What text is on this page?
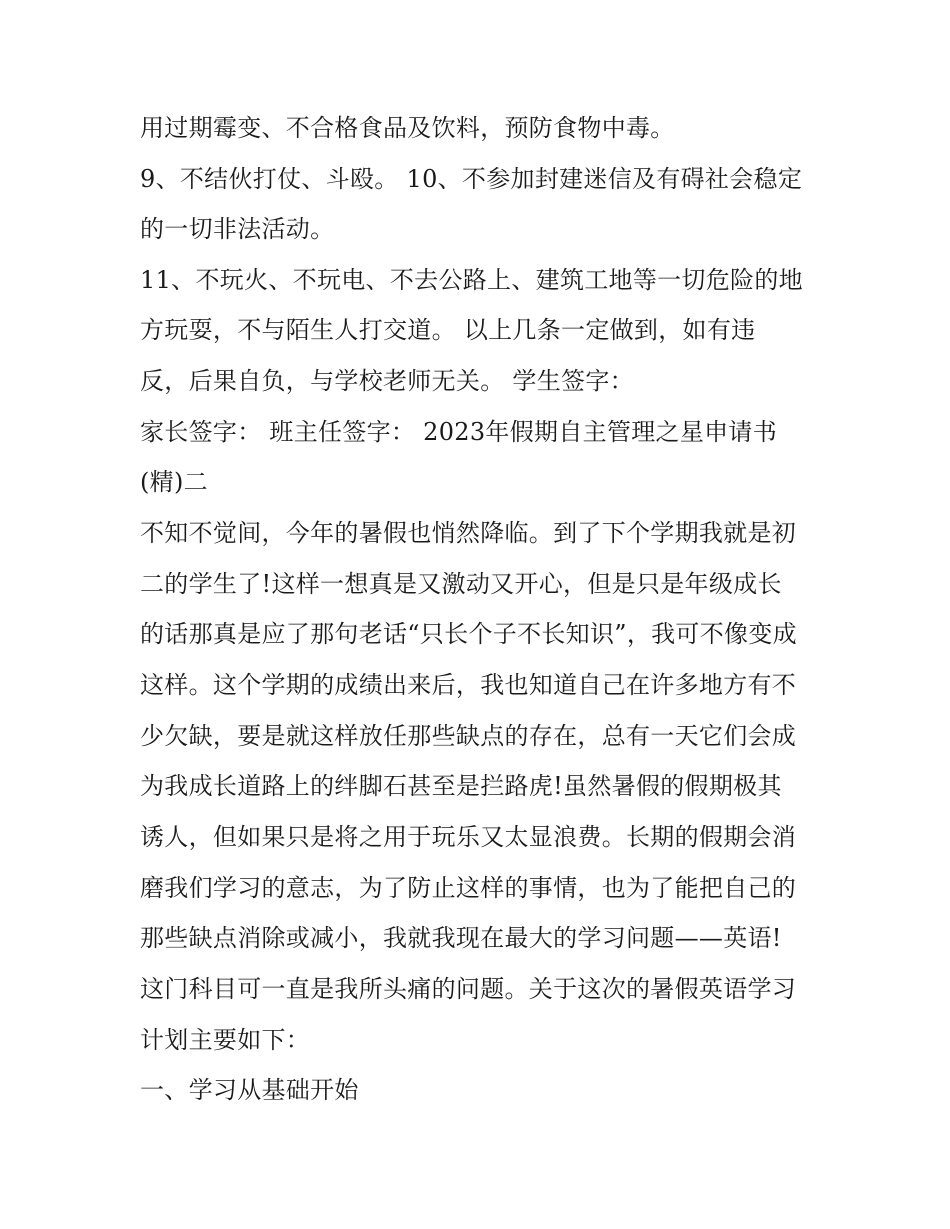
用过期霉变、不合格食品及饮料，预防食物中毒。
9、不结伙打仗、斗殴。 10、不参加封建迷信及有碍社会稳定
的一切非法活动。
11、不玩火、不玩电、不去公路上、建筑工地等一切危险的地
方玩耍，不与陌生人打交道。 以上几条一定做到，如有违
反，后果自负，与学校老师无关。 学生签字：
家长签字： 班主任签字： 2023年假期自主管理之星申请书
(精)二
不知不觉间，今年的暑假也悄然降临。到了下个学期我就是初
二的学生了!这样一想真是又激动又开心，但是只是年级成长
的话那真是应了那句老话“只长个子不长知识”，我可不像变成
这样。这个学期的成绩出来后，我也知道自己在许多地方有不
少欠缺，要是就这样放任那些缺点的存在，总有一天它们会成
为我成长道路上的绊脚石甚至是拦路虎!虽然暑假的假期极其
诱人，但如果只是将之用于玩乐又太显浪费。长期的假期会消
磨我们学习的意志，为了防止这样的事情，也为了能把自己的
那些缺点消除或减小，我就我现在最大的学习问题——英语!
这门科目可一直是我所头痛的问题。关于这次的暑假英语学习
计划主要如下：
一、学习从基础开始
